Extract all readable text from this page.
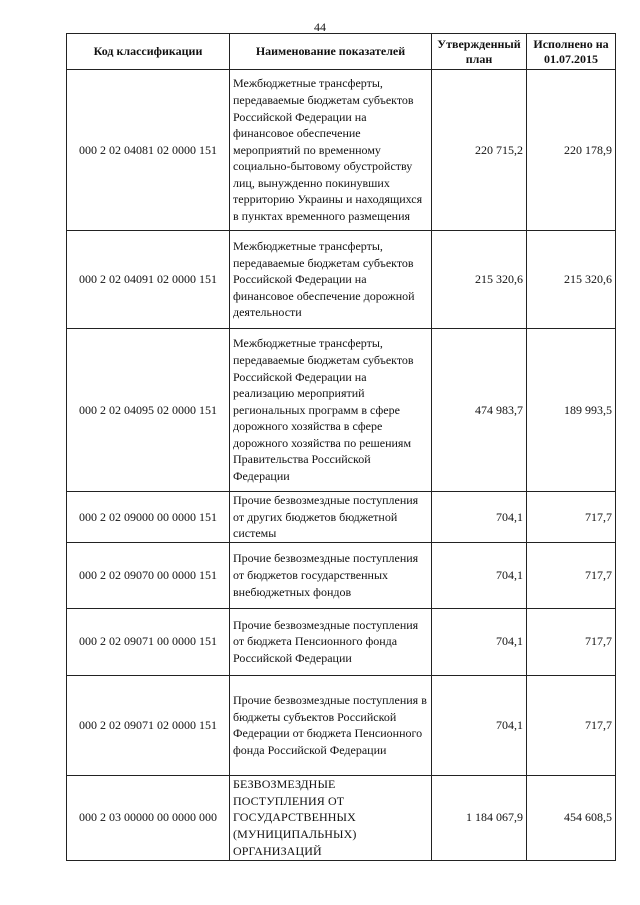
44
Код классификации	Наименование показателей	Утвержденный план	Исполнено на 01.07.2015
000 2 02 04081 02 0000 151	Межбюджетные трансферты, передаваемые бюджетам субъектов Российской Федерации на финансовое обеспечение мероприятий по временному социально-бытовому обустройству лиц, вынужденно покинувших территорию Украины и находящихся в пунктах временного размещения	220 715,2	220 178,9
000 2 02 04091 02 0000 151	Межбюджетные трансферты, передаваемые бюджетам субъектов Российской Федерации на финансовое обеспечение дорожной деятельности	215 320,6	215 320,6
000 2 02 04095 02 0000 151	Межбюджетные трансферты, передаваемые бюджетам субъектов Российской Федерации на реализацию мероприятий региональных программ в сфере дорожного хозяйства в сфере дорожного хозяйства по решениям Правительства Российской Федерации	474 983,7	189 993,5
000 2 02 09000 00 0000 151	Прочие безвозмездные поступления от других бюджетов бюджетной системы	704,1	717,7
000 2 02 09070 00 0000 151	Прочие безвозмездные поступления от бюджетов государственных внебюджетных фондов	704,1	717,7
000 2 02 09071 00 0000 151	Прочие безвозмездные поступления от бюджета Пенсионного фонда Российской Федерации	704,1	717,7
000 2 02 09071 02 0000 151	Прочие безвозмездные поступления в бюджеты субъектов Российской Федерации от бюджета Пенсионного фонда Российской Федерации	704,1	717,7
000 2 03 00000 00 0000 000	БЕЗВОЗМЕЗДНЫЕ ПОСТУПЛЕНИЯ ОТ ГОСУДАРСТВЕННЫХ (МУНИЦИПАЛЬНЫХ) ОРГАНИЗАЦИЙ	1 184 067,9	454 608,5
